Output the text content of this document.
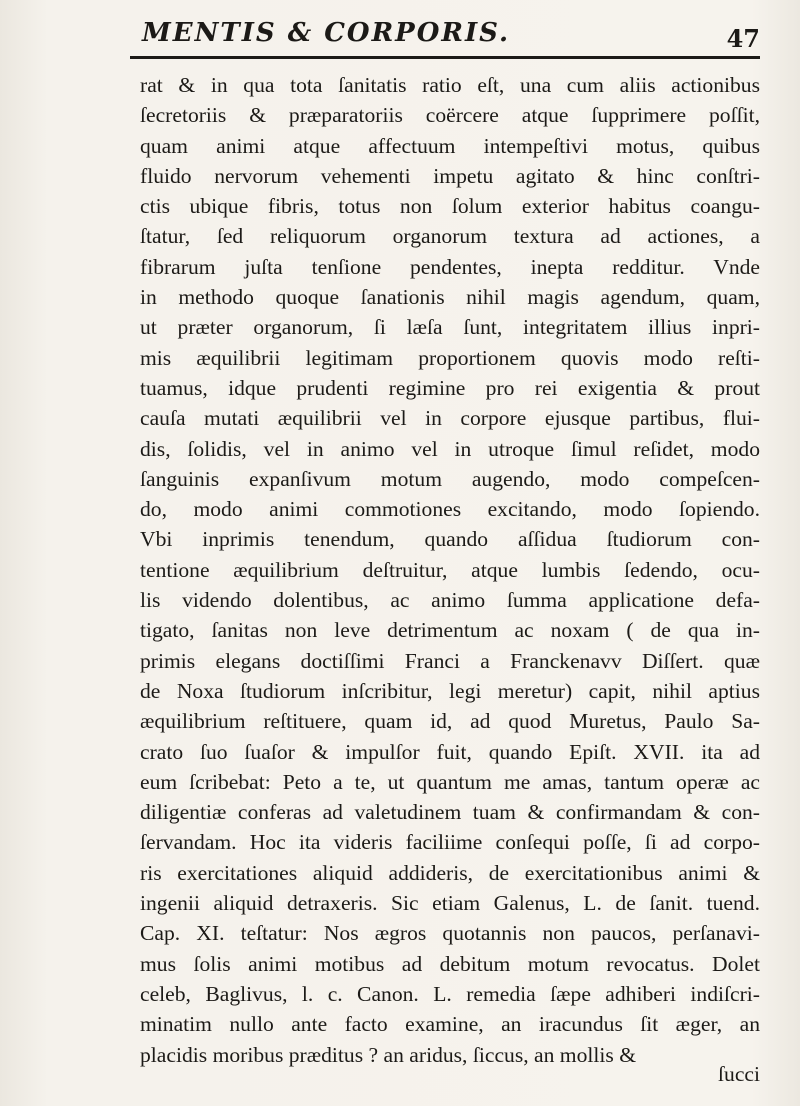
MENTIS & CORPORIS.	47
rat & in qua tota ſanitatis ratio eſt, una cum aliis actionibus
ſecretoriis & præparatoriis coërcere atque ſupprimere poſſit,
quam animi atque affectuum intempeſtivi motus, quibus
fluido nervorum vehementi impetu agitato & hinc conſtri-
ctis ubique fibris, totus non ſolum exterior habitus coangu-
ſtatur, ſed reliquorum organorum textura ad actiones, a
fibrarum juſta tenſione pendentes, inepta redditur. Vnde
in methodo quoque ſanationis nihil magis agendum, quam,
ut præter organorum, ſi læſa ſunt, integritatem illius inpri-
mis æquilibrii legitimam proportionem quovis modo reſti-
tuamus, idque prudenti regimine pro rei exigentia & prout
cauſa mutati æquilibrii vel in corpore ejusque partibus, flui-
dis, ſolidis, vel in animo vel in utroque ſimul reſidet, modo
ſanguinis expanſivum motum augendo, modo compeſcen-
do, modo animi commotiones excitando, modo ſopiendo.
Vbi inprimis tenendum, quando aſſidua ſtudiorum con-
tentione æquilibrium deſtruitur, atque lumbis ſedendo, ocu-
lis videndo dolentibus, ac animo ſumma applicatione defa-
tigato, ſanitas non leve detrimentum ac noxam ( de qua in-
primis elegans doctiſſimi Franci a Franckenavv Diſſert. quæ
de Noxa ſtudiorum inſcribitur, legi meretur) capit, nihil aptius
æquilibrium reſtituere, quam id, ad quod Muretus, Paulo Sa-
crato ſuo ſuaſor & impulſor fuit, quando Epiſt. XVII. ita ad
eum ſcribebat: Peto a te, ut quantum me amas, tantum operæ ac
diligentiæ conferas ad valetudinem tuam & confirmandam & con-
ſervandam. Hoc ita videris faciliime conſequi poſſe, ſi ad corpo-
ris exercitationes aliquid addideris, de exercitationibus animi &
ingenii aliquid detraxeris. Sic etiam Galenus, L. de ſanit. tuend.
Cap. XI. teſtatur: Nos ægros quotannis non paucos, perſanavi-
mus ſolis animi motibus ad debitum motum revocatus. Dolet
celeb, Baglivus, l. c. Canon. L. remedia ſæpe adhiberi indiſcri-
minatim nullo ante facto examine, an iracundus ſit æger, an
placidis moribus præditus ? an aridus, ſiccus, an mollis &
ſucci
